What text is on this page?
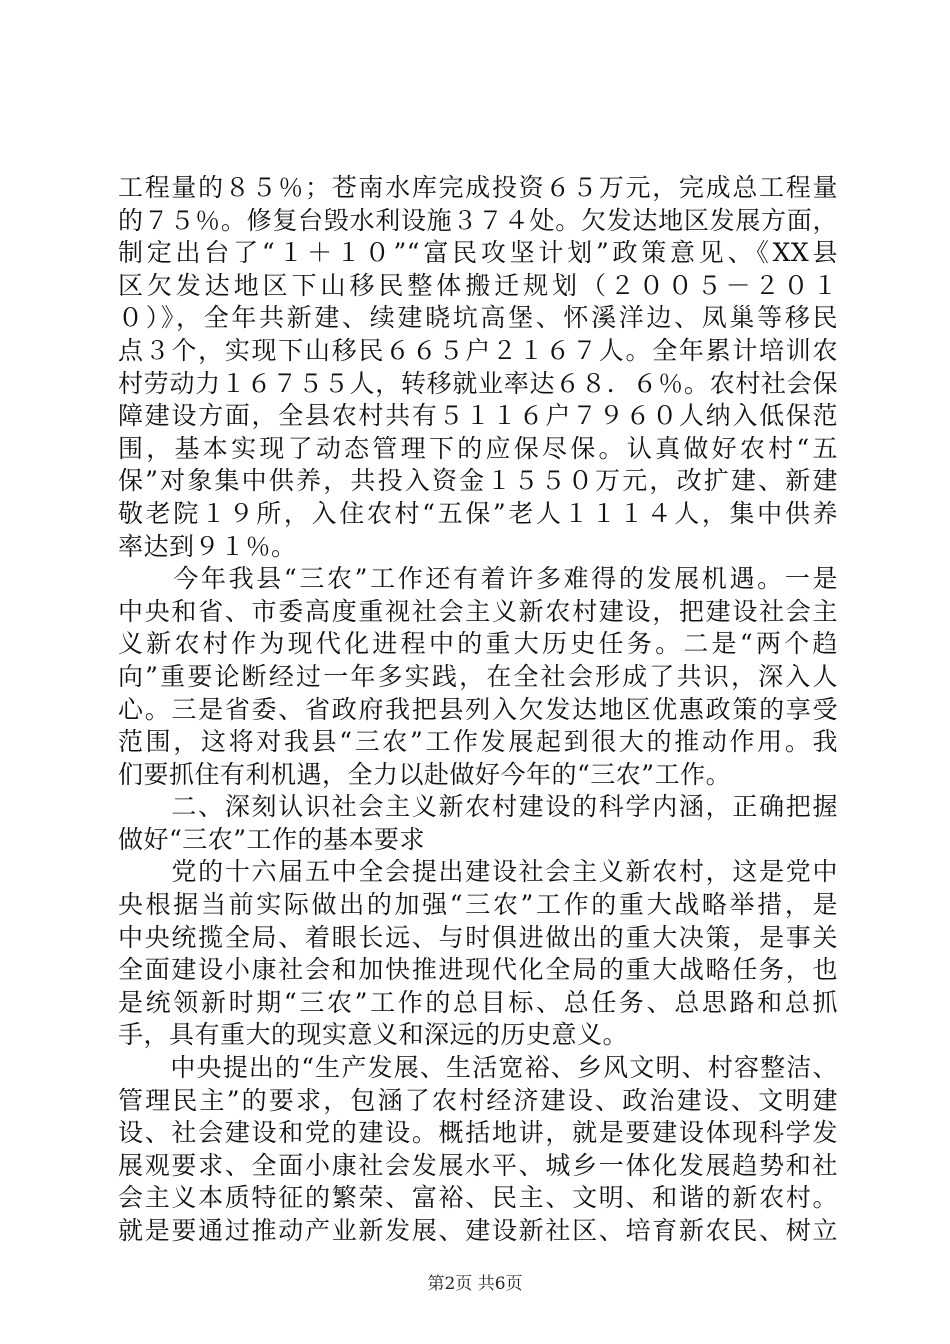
工程量的８５％；苍南水库完成投资６５万元，完成总工程量
的７５％。修复台毁水利设施３７４处。欠发达地区发展方面，
制定出台了“１＋１０”“富民攻坚计划”政策意见、《XX县
区欠发达地区下山移民整体搬迁规划（２００５－２０１
０）》，全年共新建、续建晓坑高堡、怀溪洋边、凤巢等移民
点３个，实现下山移民６６５户２１６７人。全年累计培训农
村劳动力１６７５５人，转移就业率达６８．６％。农村社会保
障建设方面，全县农村共有５１１６户７９６０人纳入低保范
围，基本实现了动态管理下的应保尽保。认真做好农村“五
保”对象集中供养，共投入资金１５５０万元，改扩建、新建
敬老院１９所，入住农村“五保”老人１１１４人，集中供养
率达到９１％。
　　今年我县“三农”工作还有着许多难得的发展机遇。一是
中央和省、市委高度重视社会主义新农村建设，把建设社会主
义新农村作为现代化进程中的重大历史任务。二是“两个趋
向”重要论断经过一年多实践，在全社会形成了共识，深入人
心。三是省委、省政府我把县列入欠发达地区优惠政策的享受
范围，这将对我县“三农”工作发展起到很大的推动作用。我
们要抓住有利机遇，全力以赴做好今年的“三农”工作。
　　二、深刻认识社会主义新农村建设的科学内涵，正确把握
做好“三农”工作的基本要求
　　党的十六届五中全会提出建设社会主义新农村，这是党中
央根据当前实际做出的加强“三农”工作的重大战略举措，是
中央统揽全局、着眼长远、与时俱进做出的重大决策，是事关
全面建设小康社会和加快推进现代化全局的重大战略任务，也
是统领新时期“三农”工作的总目标、总任务、总思路和总抓
手，具有重大的现实意义和深远的历史意义。
　　中央提出的“生产发展、生活宽裕、乡风文明、村容整洁、
管理民主”的要求，包涵了农村经济建设、政治建设、文明建
设、社会建设和党的建设。概括地讲，就是要建设体现科学发
展观要求、全面小康社会发展水平、城乡一体化发展趋势和社
会主义本质特征的繁荣、富裕、民主、文明、和谐的新农村。
就是要通过推动产业新发展、建设新社区、培育新农民、树立
第2页 共6页
